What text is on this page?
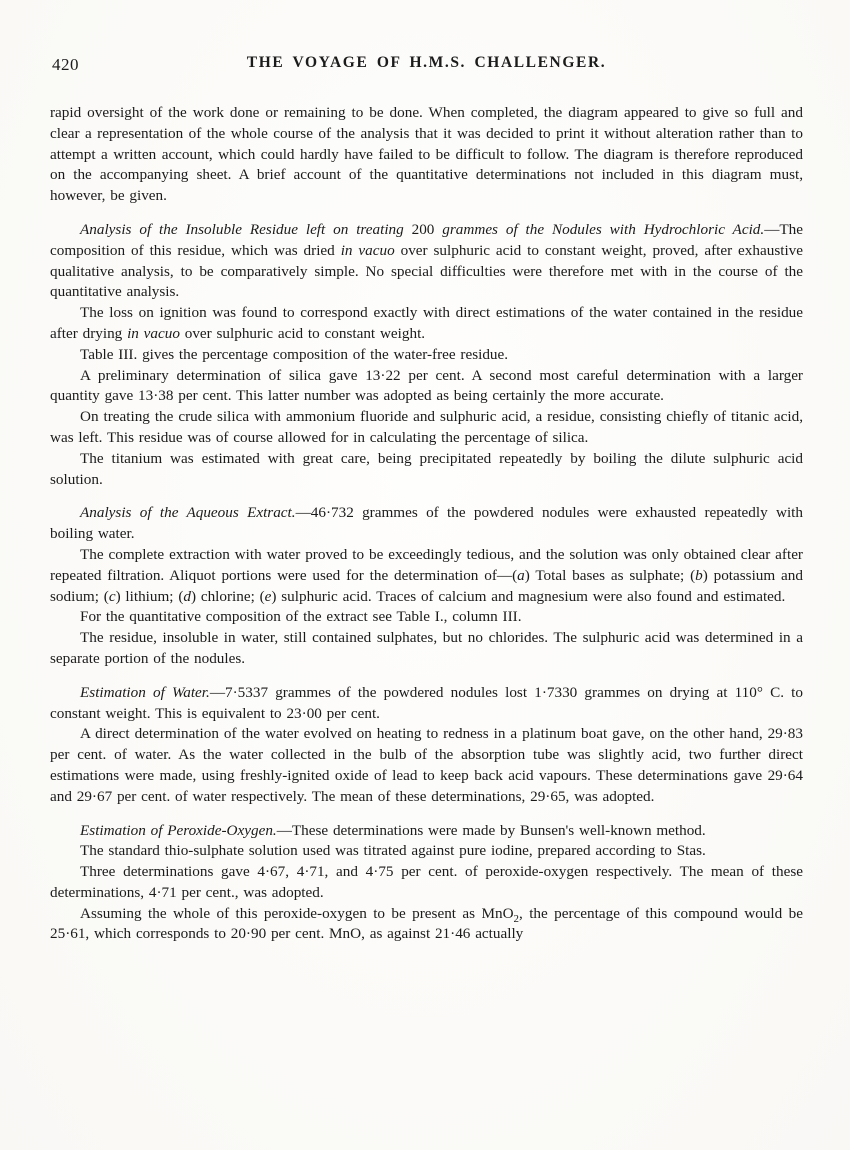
420	THE VOYAGE OF H.M.S. CHALLENGER.

rapid oversight of the work done or remaining to be done. When completed, the diagram appeared to give so full and clear a representation of the whole course of the analysis that it was decided to print it without alteration rather than to attempt a written account, which could hardly have failed to be difficult to follow. The diagram is therefore reproduced on the accompanying sheet. A brief account of the quantitative determinations not included in this diagram must, however, be given.

Analysis of the Insoluble Residue left on treating 200 grammes of the Nodules with Hydrochloric Acid.—The composition of this residue, which was dried in vacuo over sulphuric acid to constant weight, proved, after exhaustive qualitative analysis, to be comparatively simple. No special difficulties were therefore met with in the course of the quantitative analysis.

The loss on ignition was found to correspond exactly with direct estimations of the water contained in the residue after drying in vacuo over sulphuric acid to constant weight.

Table III. gives the percentage composition of the water-free residue.

A preliminary determination of silica gave 13·22 per cent. A second most careful determination with a larger quantity gave 13·38 per cent. This latter number was adopted as being certainly the more accurate.

On treating the crude silica with ammonium fluoride and sulphuric acid, a residue, consisting chiefly of titanic acid, was left. This residue was of course allowed for in calculating the percentage of silica.

The titanium was estimated with great care, being precipitated repeatedly by boiling the dilute sulphuric acid solution.

Analysis of the Aqueous Extract.—46·732 grammes of the powdered nodules were exhausted repeatedly with boiling water.

The complete extraction with water proved to be exceedingly tedious, and the solution was only obtained clear after repeated filtration. Aliquot portions were used for the determination of—(a) Total bases as sulphate; (b) potassium and sodium; (c) lithium; (d) chlorine; (e) sulphuric acid. Traces of calcium and magnesium were also found and estimated.

For the quantitative composition of the extract see Table I., column III.

The residue, insoluble in water, still contained sulphates, but no chlorides. The sulphuric acid was determined in a separate portion of the nodules.

Estimation of Water.—7·5337 grammes of the powdered nodules lost 1·7330 grammes on drying at 110° C. to constant weight. This is equivalent to 23·00 per cent.

A direct determination of the water evolved on heating to redness in a platinum boat gave, on the other hand, 29·83 per cent. of water. As the water collected in the bulb of the absorption tube was slightly acid, two further direct estimations were made, using freshly-ignited oxide of lead to keep back acid vapours. These determinations gave 29·64 and 29·67 per cent. of water respectively. The mean of these determinations, 29·65, was adopted.

Estimation of Peroxide-Oxygen.—These determinations were made by Bunsen's well-known method.

The standard thio-sulphate solution used was titrated against pure iodine, prepared according to Stas.

Three determinations gave 4·67, 4·71, and 4·75 per cent. of peroxide-oxygen respectively. The mean of these determinations, 4·71 per cent., was adopted.

Assuming the whole of this peroxide-oxygen to be present as MnO$_2$, the percentage of this compound would be 25·61, which corresponds to 20·90 per cent. MnO, as against 21·46 actually
